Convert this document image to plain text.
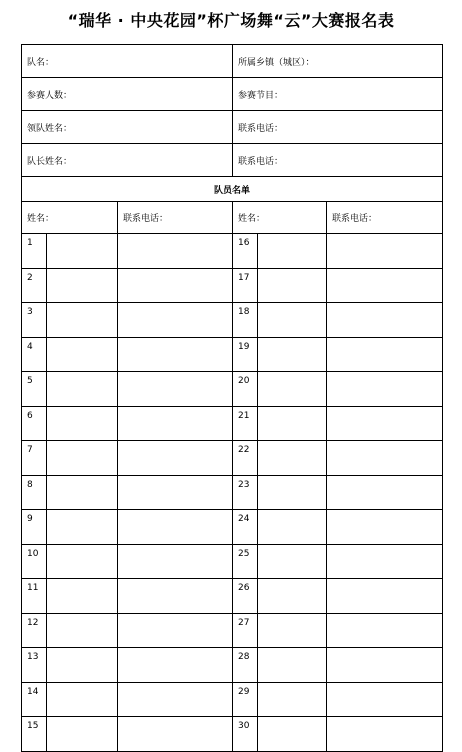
“瑞华 · 中央花园”杯广场舞“云”大赛报名表
队名：			所属乡镇（城区）：		
参赛人数：			参赛节目：		
领队姓名：			联系电话：		
队长姓名：			联系电话：		
队员名单					
姓名：		联系电话：	姓名：		联系电话：
1			16		
2			17		
3			18		
4			19		
5			20		
6			21		
7			22		
8			23		
9			24		
10			25		
11			26		
12			27		
13			28		
14			29		
15			30		
